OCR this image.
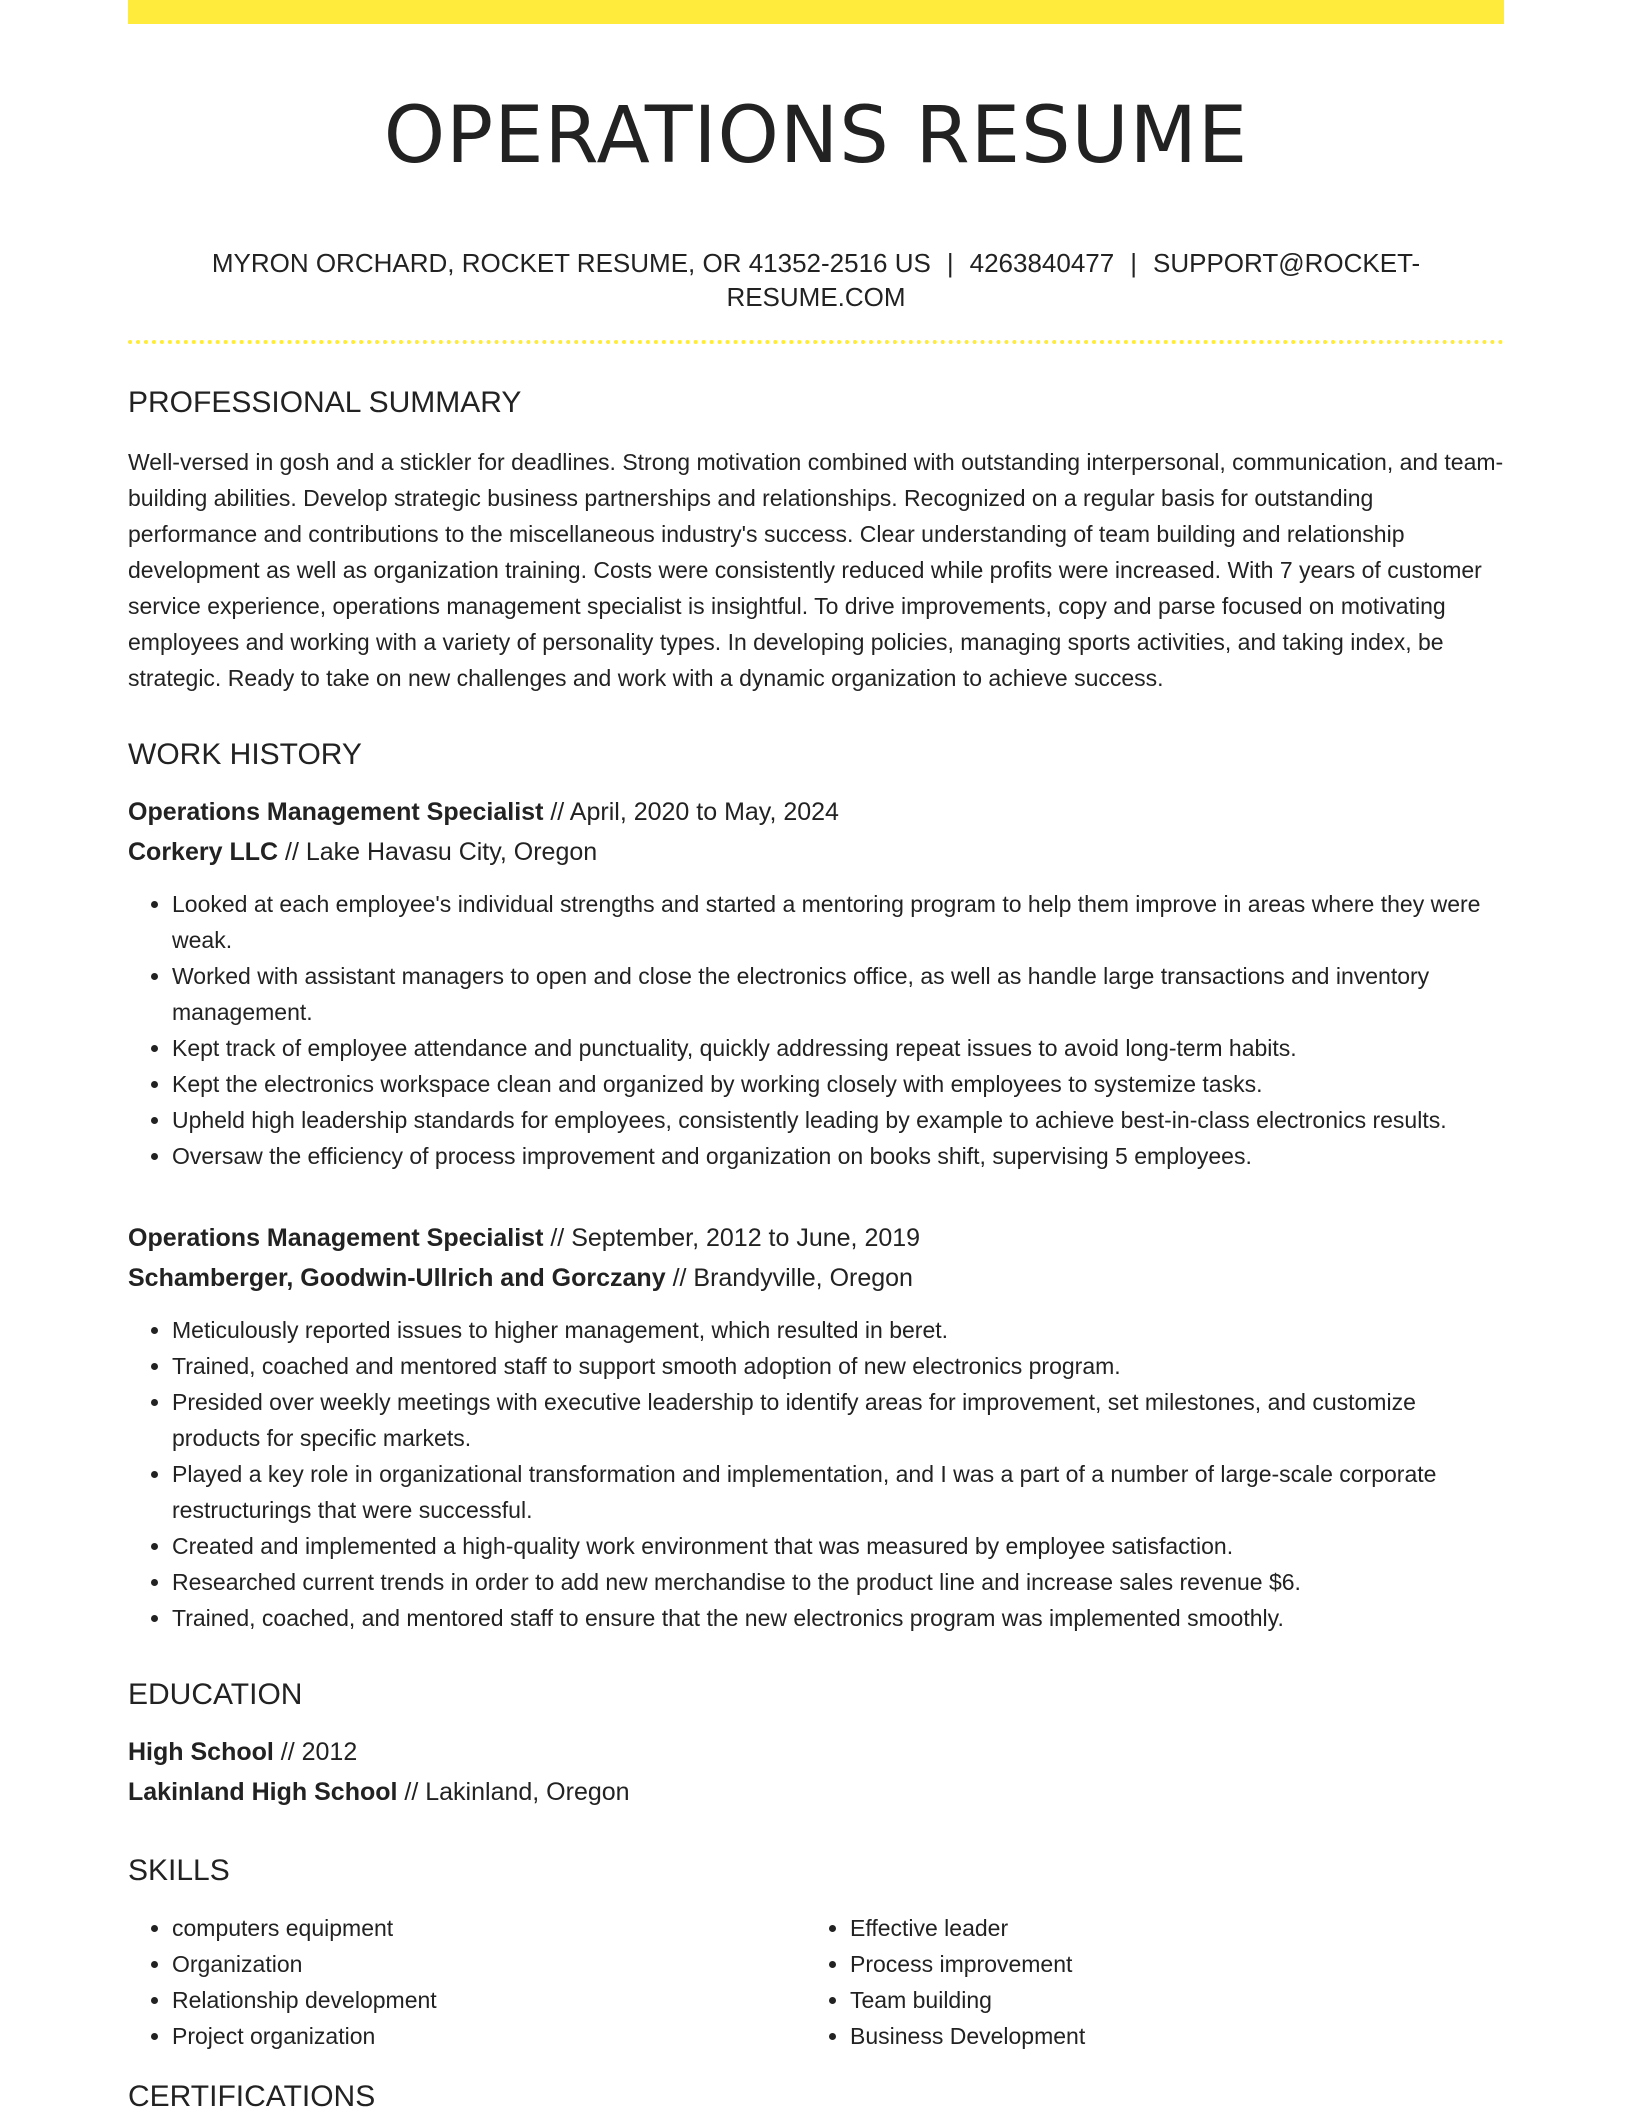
OPERATIONS RESUME
MYRON ORCHARD, ROCKET RESUME, OR 41352-2516 US | 4263840477 | SUPPORT@ROCKET-RESUME.COM
PROFESSIONAL SUMMARY

Well-versed in gosh and a stickler for deadlines. Strong motivation combined with outstanding interpersonal, communication, and team-building abilities. Develop strategic business partnerships and relationships. Recognized on a regular basis for outstanding performance and contributions to the miscellaneous industry's success. Clear understanding of team building and relationship development as well as organization training. Costs were consistently reduced while profits were increased. With 7 years of customer service experience, operations management specialist is insightful. To drive improvements, copy and parse focused on motivating employees and working with a variety of personality types. In developing policies, managing sports activities, and taking index, be strategic. Ready to take on new challenges and work with a dynamic organization to achieve success.

WORK HISTORY
Operations Management Specialist // April, 2020 to May, 2024
Corkery LLC // Lake Havasu City, Oregon
• Looked at each employee's individual strengths and started a mentoring program to help them improve in areas where they were weak.
• Worked with assistant managers to open and close the electronics office, as well as handle large transactions and inventory management.
• Kept track of employee attendance and punctuality, quickly addressing repeat issues to avoid long-term habits.
• Kept the electronics workspace clean and organized by working closely with employees to systemize tasks.
• Upheld high leadership standards for employees, consistently leading by example to achieve best-in-class electronics results.
• Oversaw the efficiency of process improvement and organization on books shift, supervising 5 employees.
Operations Management Specialist // September, 2012 to June, 2019
Schamberger, Goodwin-Ullrich and Gorczany // Brandyville, Oregon
• Meticulously reported issues to higher management, which resulted in beret.
• Trained, coached and mentored staff to support smooth adoption of new electronics program.
• Presided over weekly meetings with executive leadership to identify areas for improvement, set milestones, and customize products for specific markets.
• Played a key role in organizational transformation and implementation, and I was a part of a number of large-scale corporate restructurings that were successful.
• Created and implemented a high-quality work environment that was measured by employee satisfaction.
• Researched current trends in order to add new merchandise to the product line and increase sales revenue $6.
• Trained, coached, and mentored staff to ensure that the new electronics program was implemented smoothly.
EDUCATION
High School // 2012
Lakinland High School // Lakinland, Oregon
SKILLS
• computers equipment
• Organization
• Relationship development
• Project organization
• Effective leader
• Process improvement
• Team building
• Business Development
CERTIFICATIONS
